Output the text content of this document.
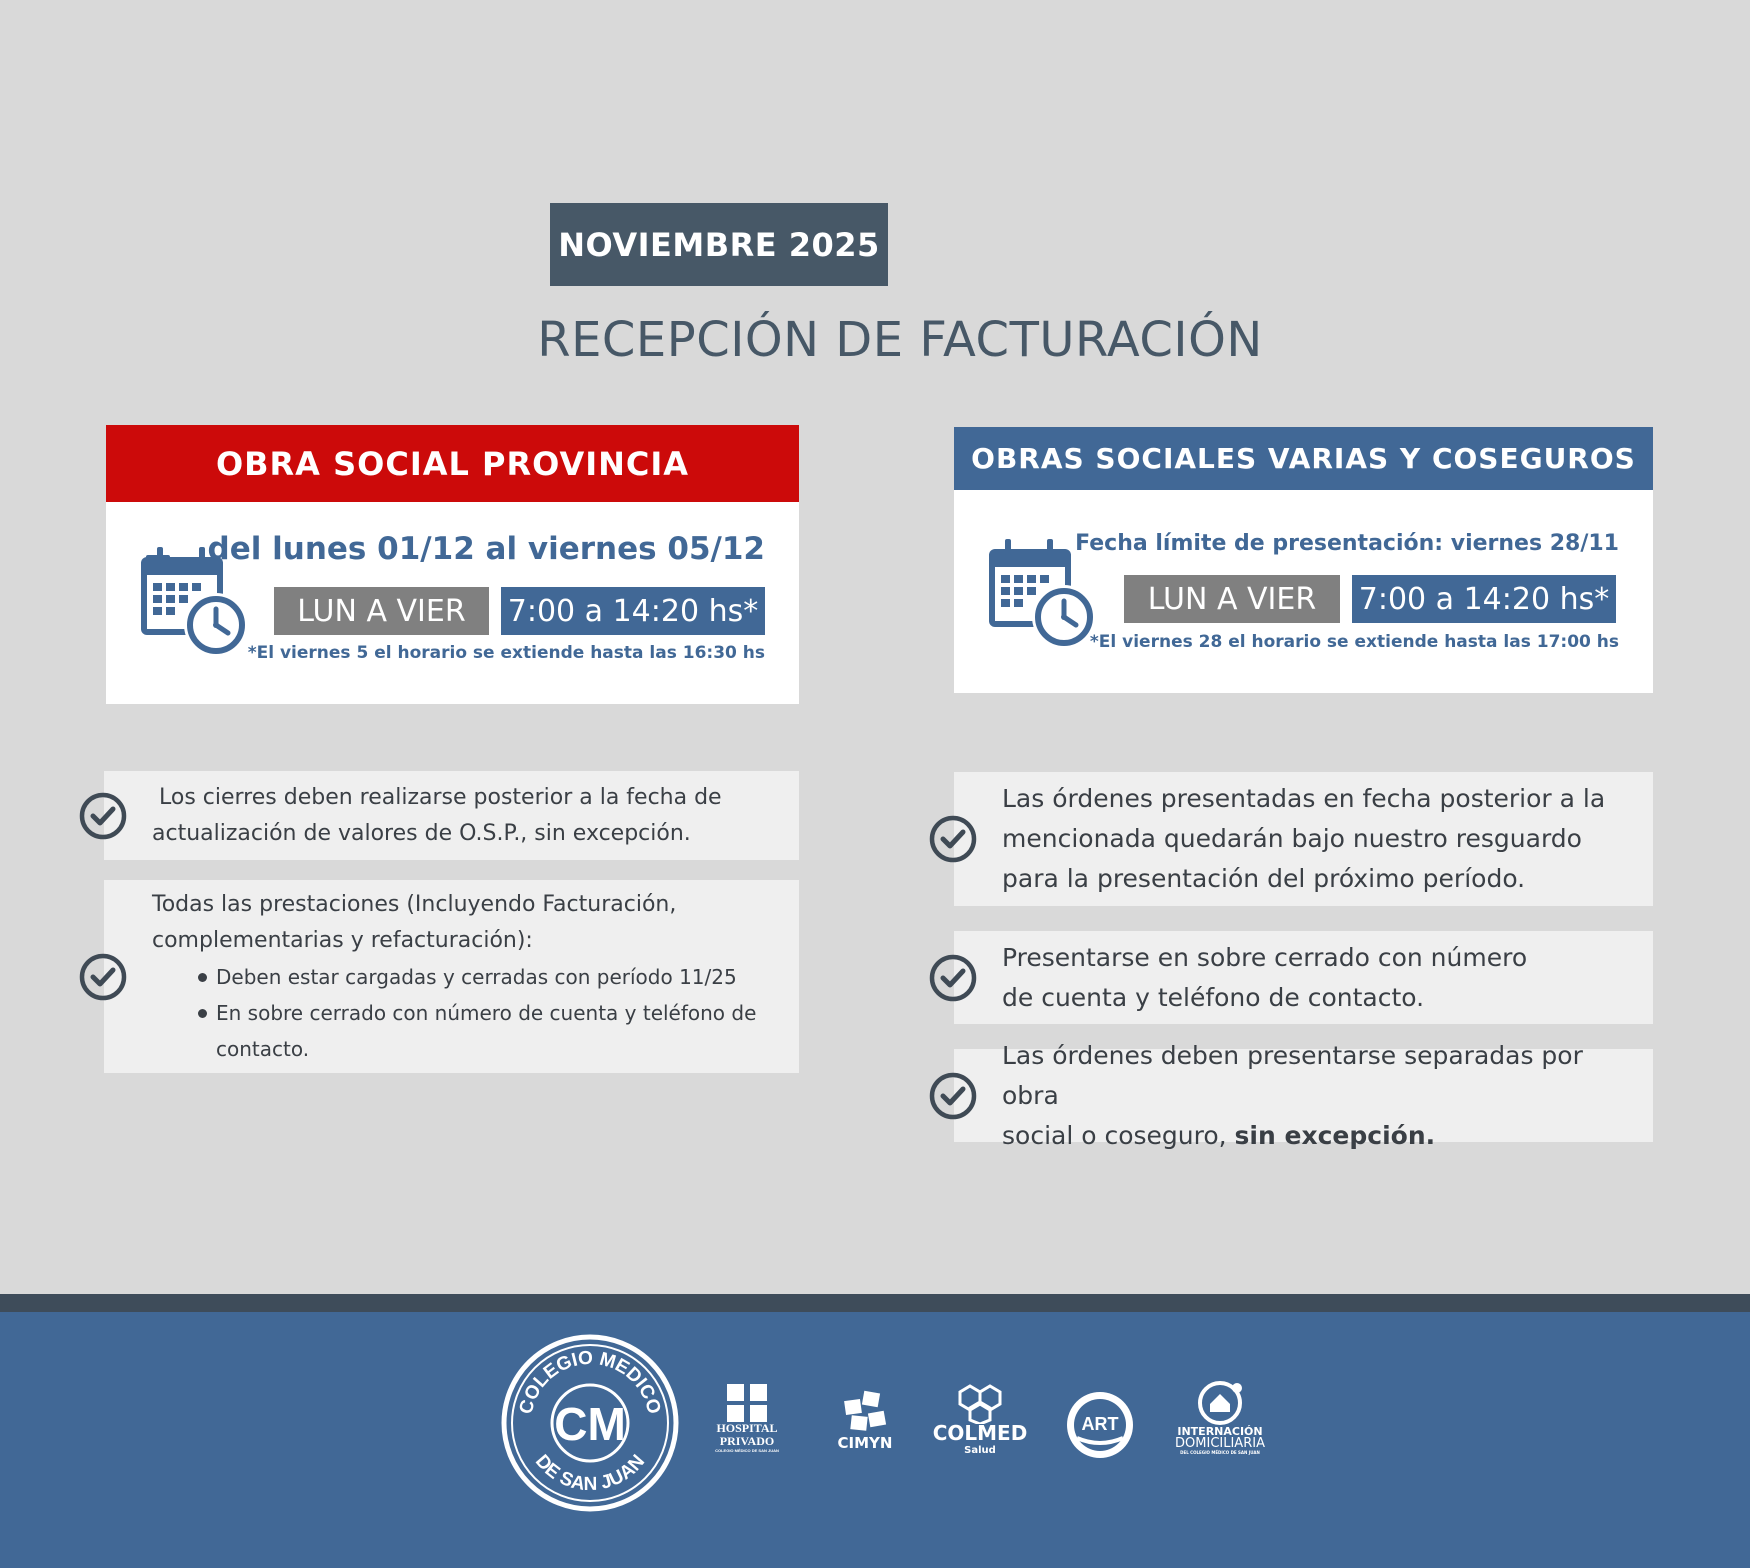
NOVIEMBRE 2025
RECEPCIÓN DE FACTURACIÓN
OBRA SOCIAL PROVINCIA
del lunes 01/12 al viernes 05/12
LUN A VIER	7:00 a 14:20 hs*
*El viernes 5 el horario se extiende hasta las 16:30 hs
OBRAS SOCIALES VARIAS Y COSEGUROS
Fecha límite de presentación: viernes 28/11
LUN A VIER	7:00 a 14:20 hs*
*El viernes 28 el horario se extiende hasta las 17:00 hs
Los cierres deben realizarse posterior a la fecha de
actualización de valores de O.S.P., sin excepción.
Todas las prestaciones (Incluyendo Facturación,
complementarias y refacturación):
Deben estar cargadas y cerradas con período 11/25
En sobre cerrado con número de cuenta y teléfono de contacto.
Las órdenes presentadas en fecha posterior a la
mencionada quedarán bajo nuestro resguardo
para la presentación del próximo período.
Presentarse en sobre cerrado con número
de cuenta y teléfono de contacto.
Las órdenes deben presentarse separadas por obra
social o coseguro, sin excepción.
COLEGIO MEDICO
DE SAN JUAN
CM	HOSPITAL
PRIVADO
COLEGIO MÉDICO DE SAN JUAN	CIMYN	COLMED
Salud
ART	INTERNACIÓN
DOMICILIARIA
DEL COLEGIO MÉDICO DE SAN JUAN
